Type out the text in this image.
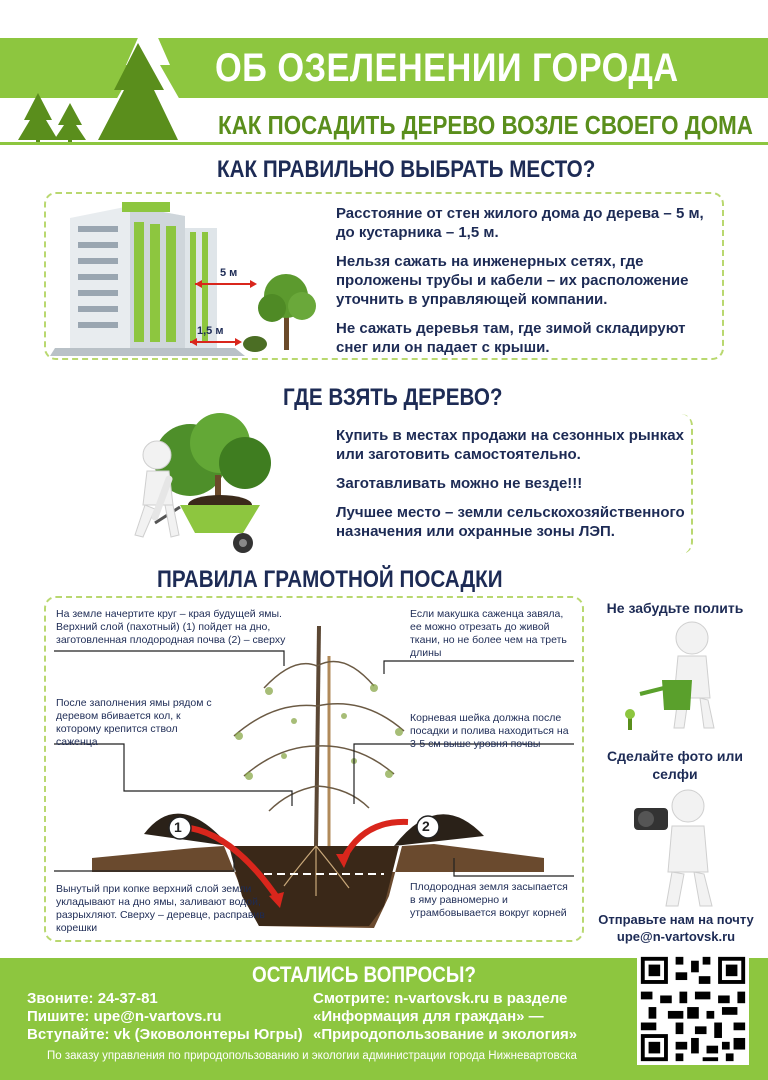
ОБ ОЗЕЛЕНЕНИИ ГОРОДА
КАК ПОСАДИТЬ ДЕРЕВО ВОЗЛЕ СВОЕГО ДОМА
КАК ПРАВИЛЬНО ВЫБРАТЬ МЕСТО?
5 м
1,5 м

Расстояние от стен жилого дома до дерева – 5 м, до кустарника – 1,5 м.

Нельзя сажать на инженерных сетях, где проложены трубы и кабели – их расположение уточнить в управляющей компании.

Не сажать деревья там, где зимой складируют снег или он падает с крыши.

ГДЕ ВЗЯТЬ ДЕРЕВО?

Купить в местах продажи на сезонных рынках или заготовить самостоятельно.

Заготавливать можно не везде!!!

Лучшее место – земли сельскохозяйственного назначения или охранные зоны ЛЭП.

ПРАВИЛА ГРАМОТНОЙ ПОСАДКИ
1	2
На земле начертите круг – края будущей ямы. Верхний слой (пахотный) (1) пойдет на дно, заготовленная плодородная почва (2) – сверху
После заполнения ямы рядом с деревом вбивается кол, к которому крепится ствол саженца
Вынутый при копке верхний слой земли укладывают на дно ямы, заливают водой, разрыхляют. Сверху – деревце, расправив корешки
Если макушка саженца завяла, ее можно отрезать до живой ткани, но не более чем на треть длины
Корневая шейка должна после посадки и полива находиться на 3-5 см выше уровня почвы
Плодородная земля засыпается в яму равномерно и утрамбовывается вокруг корней
Не забудьте полить
Сделайте фото или селфи
Отправьте нам на почту
upe@n-vartovsk.ru
ОСТАЛИСЬ ВОПРОСЫ?
Звоните: 24-37-81
Пишите: upe@n-vartovs.ru
Вступайте: vk (Эковолонтеры Югры)
Смотрите: n-vartovsk.ru в разделе
«Информация для граждан» —
«Природопользование и экология»
По заказу управления по природопользованию и экологии администрации города Нижневартовска
